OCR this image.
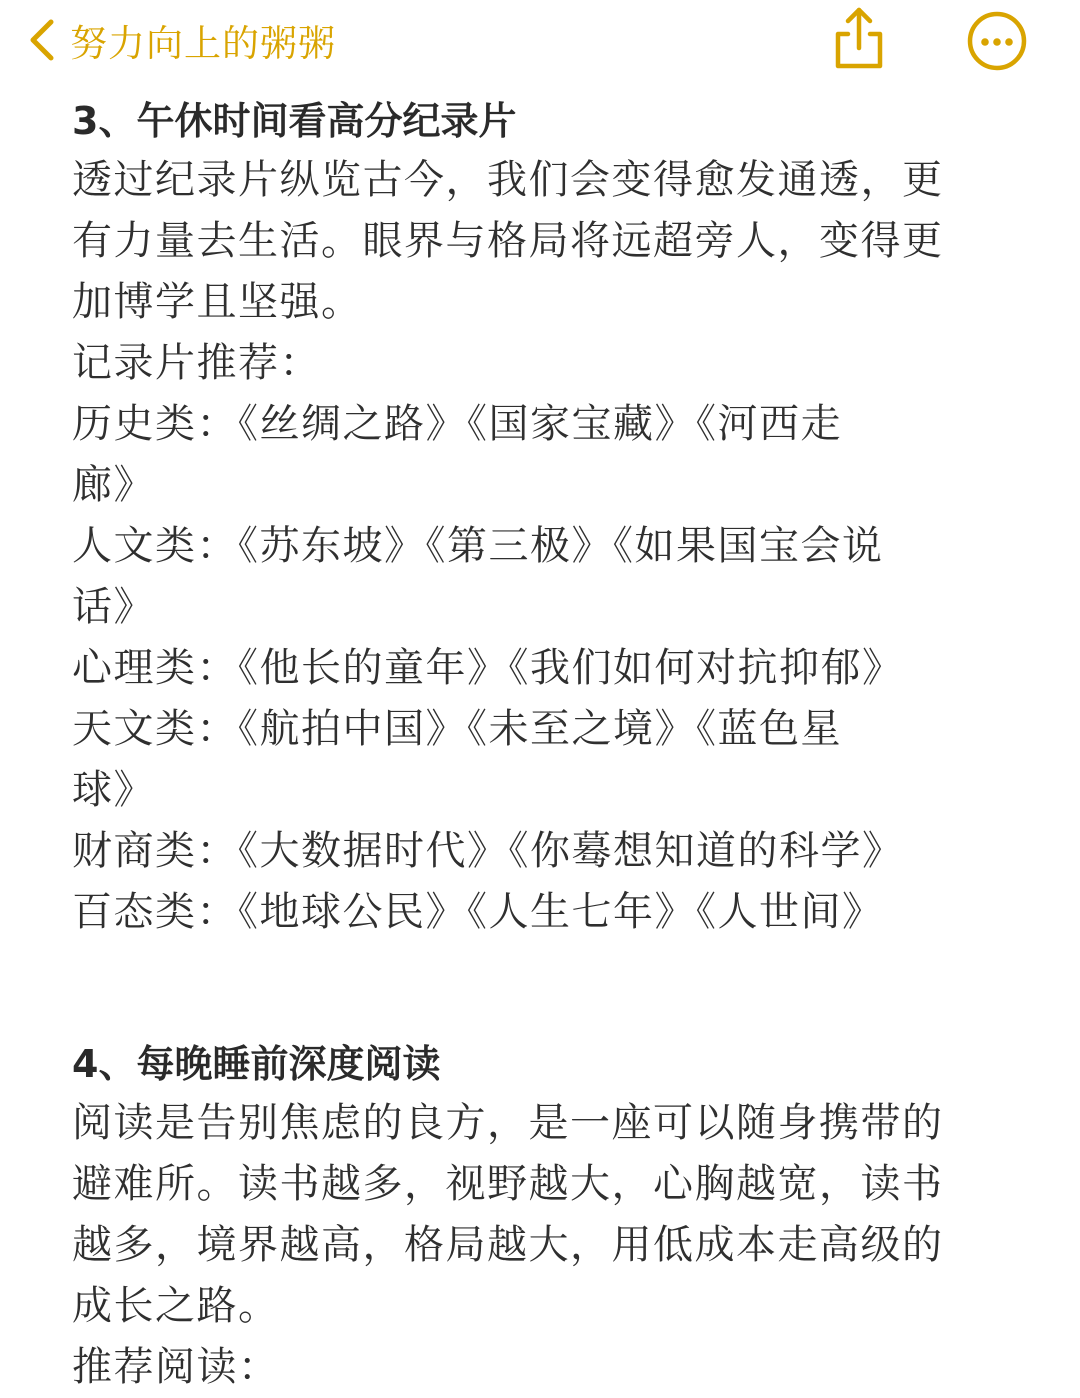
努力向上的粥粥
3、午休时间看高分纪录片
透过纪录片纵览古今，我们会变得愈发通透，更
有力量去生活。眼界与格局将远超旁人，变得更
加博学且坚强。
记录片推荐：
历史类：《丝绸之路》《国家宝藏》《河西走
廊》
人文类：《苏东坡》《第三极》《如果国宝会说
话》
心理类：《他长的童年》《我们如何对抗抑郁》
天文类：《航拍中国》《未至之境》《蓝色星
球》
财商类：《大数据时代》《你蓦想知道的科学》
百态类：《地球公民》《人生七年》《人世间》
4、每晚睡前深度阅读
阅读是告别焦虑的良方，是一座可以随身携带的
避难所。读书越多，视野越大，心胸越宽，读书
越多，境界越高，格局越大，用低成本走高级的
成长之路。
推荐阅读：
